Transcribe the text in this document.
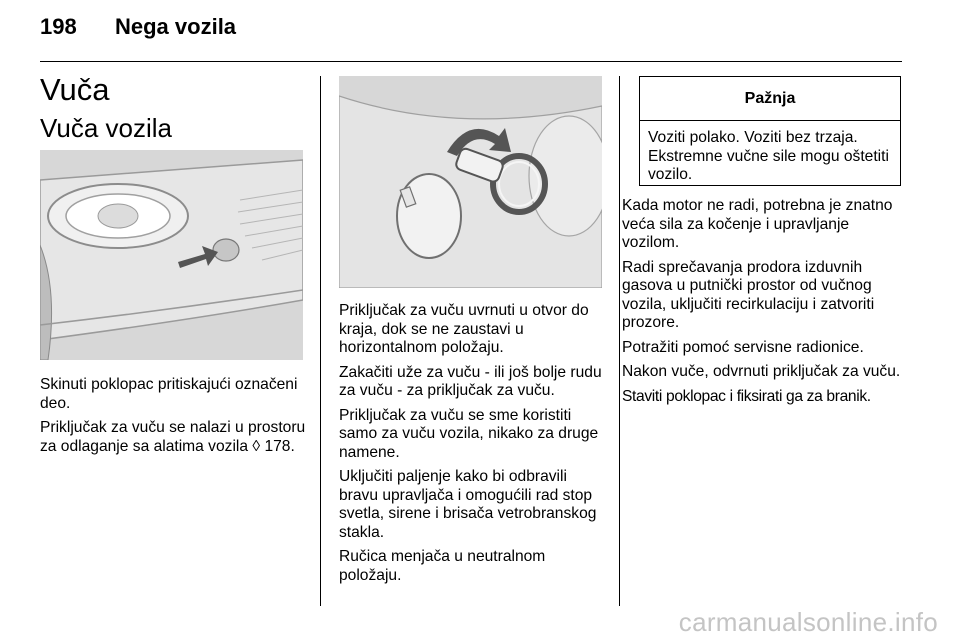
198 Nega vozila
Vuča
Vuča vozila

Skinuti poklopac pritiskajući označeni deo.

Priključak za vuču se nalazi u prostoru za odlaganje sa alatima vozila ◊ 178.

Priključak za vuču uvrnuti u otvor do kraja, dok se ne zaustavi u horizontalnom položaju.

Zakačiti uže za vuču - ili još bolje rudu za vuču - za priključak za vuču.

Priključak za vuču se sme koristiti samo za vuču vozila, nikako za druge namene.

Uključiti paljenje kako bi odbravili bravu upravljača i omogućili rad stop svetla, sirene i brisača vetrobranskog stakla.

Ručica menjača u neutralnom položaju.

Pažnja
Voziti polako. Voziti bez trzaja. Ekstremne vučne sile mogu oštetiti vozilo.

Kada motor ne radi, potrebna je znatno veća sila za kočenje i upravljanje vozilom.

Radi sprečavanja prodora izduvnih gasova u putnički prostor od vučnog vozila, uključiti recirkulaciju i zatvoriti prozore.

Potražiti pomoć servisne radionice.

Nakon vuče, odvrnuti priključak za vuču.

Staviti poklopac i fiksirati ga za branik.

carmanualsonline.info
